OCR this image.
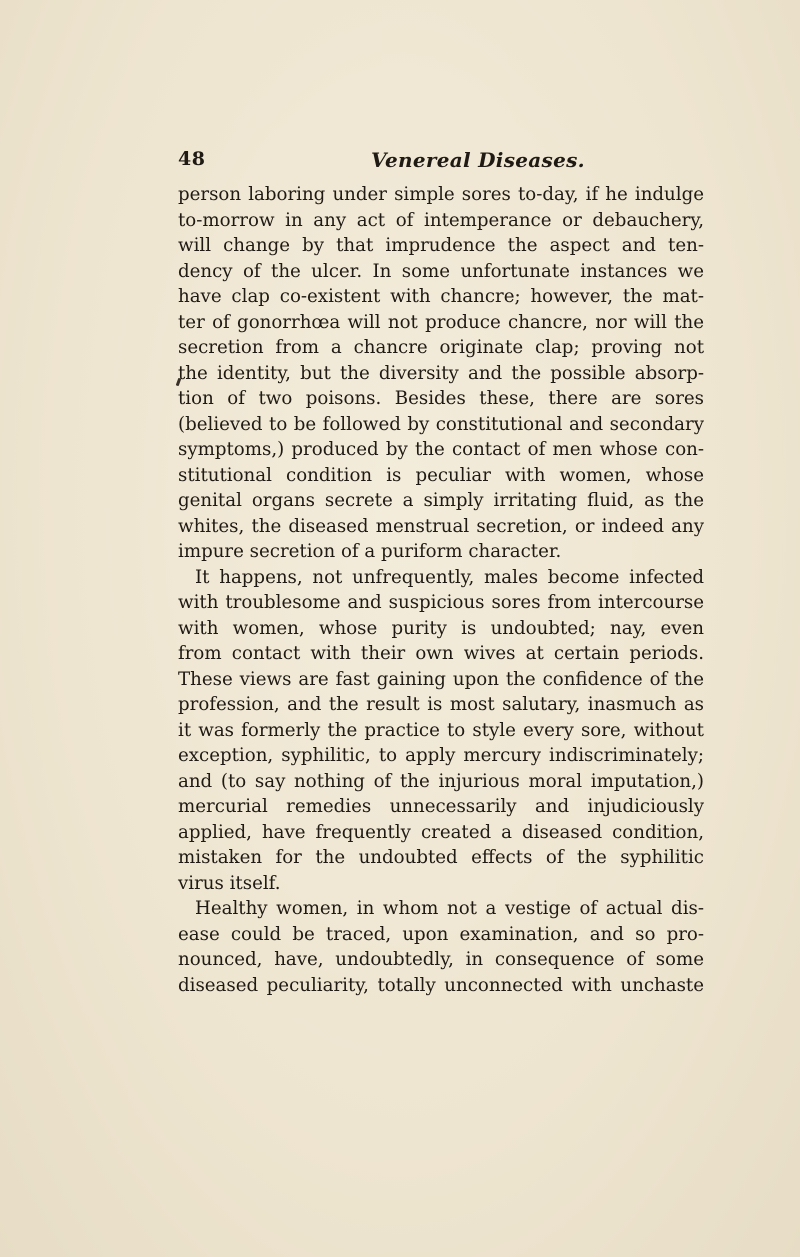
48	Venereal Diseases.
person laboring under simple sores to-day, if he indulge
to-morrow in any act of intemperance or debauchery,
will change by that imprudence the aspect and ten-
dency of the ulcer. In some unfortunate instances we
have clap co-existent with chancre; however, the mat-
ter of gonorrhœa will not produce chancre, nor will the
secretion from a chancre originate clap; proving not
the identity, but the diversity and the possible absorp-
tion of two poisons. Besides these, there are sores
(believed to be followed by constitutional and secondary
symptoms,) produced by the contact of men whose con-
stitutional condition is peculiar with women, whose
genital organs secrete a simply irritating fluid, as the
whites, the diseased menstrual secretion, or indeed any
impure secretion of a puriform character.
It happens, not unfrequently, males become infected
with troublesome and suspicious sores from intercourse
with women, whose purity is undoubted; nay, even
from contact with their own wives at certain periods.
These views are fast gaining upon the confidence of the
profession, and the result is most salutary, inasmuch as
it was formerly the practice to style every sore, without
exception, syphilitic, to apply mercury indiscriminately;
and (to say nothing of the injurious moral imputation,)
mercurial remedies unnecessarily and injudiciously
applied, have frequently created a diseased condition,
mistaken for the undoubted effects of the syphilitic
virus itself.
Healthy women, in whom not a vestige of actual dis-
ease could be traced, upon examination, and so pro-
nounced, have, undoubtedly, in consequence of some
diseased peculiarity, totally unconnected with unchaste
